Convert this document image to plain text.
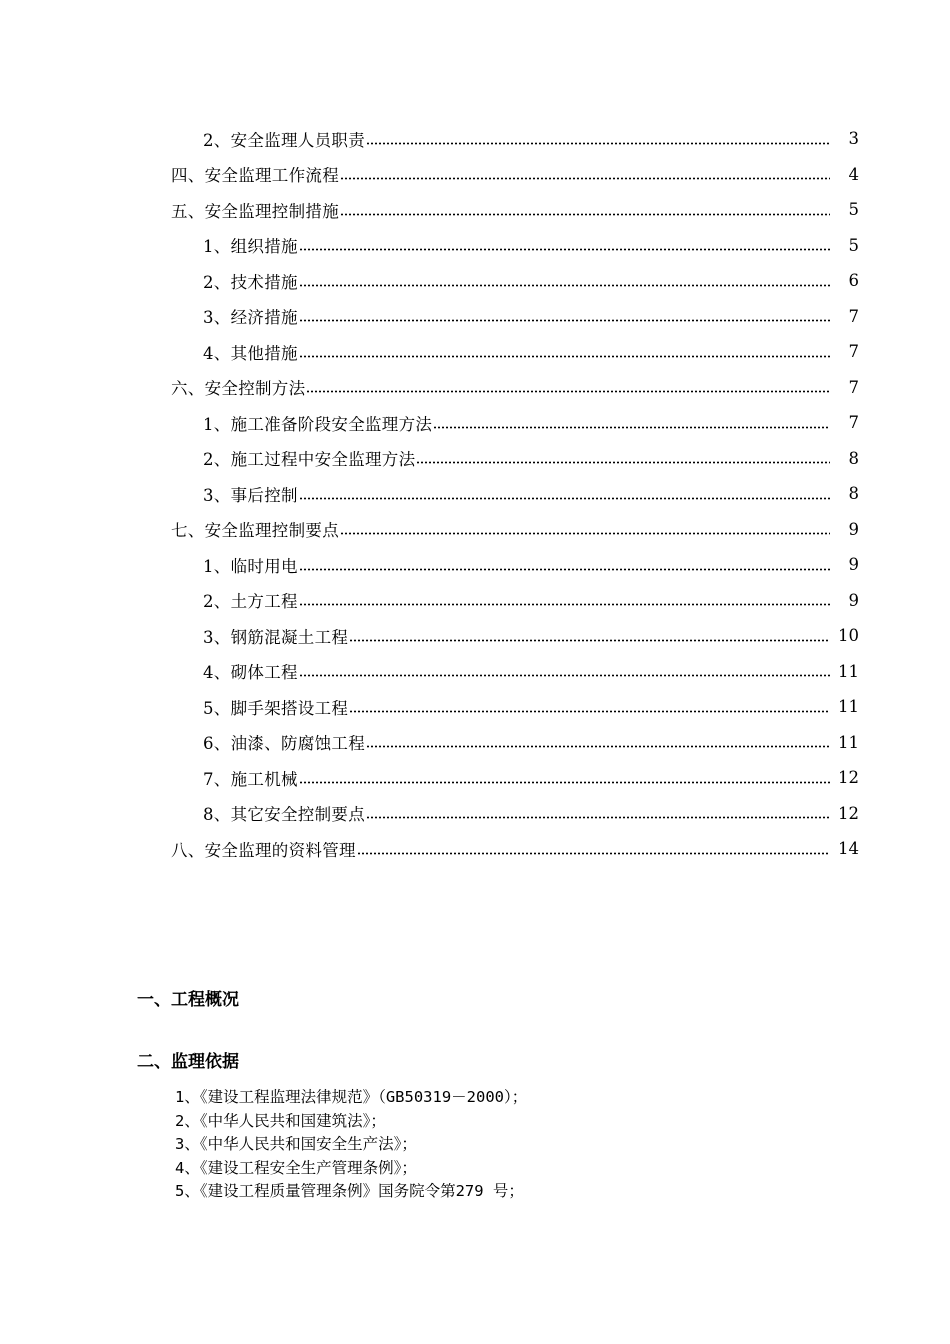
2、安全监理人员职责	3
四、安全监理工作流程	4
五、安全监理控制措施	5
1、组织措施	5
2、技术措施	6
3、经济措施	7
4、其他措施	7
六、安全控制方法	7
1、施工准备阶段安全监理方法	7
2、施工过程中安全监理方法	8
3、事后控制	8
七、安全监理控制要点	9
1、临时用电	9
2、土方工程	9
3、钢筋混凝土工程	10
4、砌体工程	11
5、脚手架搭设工程	11
6、油漆、防腐蚀工程	11
7、施工机械	12
8、其它安全控制要点	12
八、安全监理的资料管理	14
一、工程概况
二、监理依据
1、《建设工程监理法律规范》（GB50319－2000）；
2、《中华人民共和国建筑法》；
3、《中华人民共和国安全生产法》；
4、《建设工程安全生产管理条例》；
5、《建设工程质量管理条例》国务院令第279 号；
